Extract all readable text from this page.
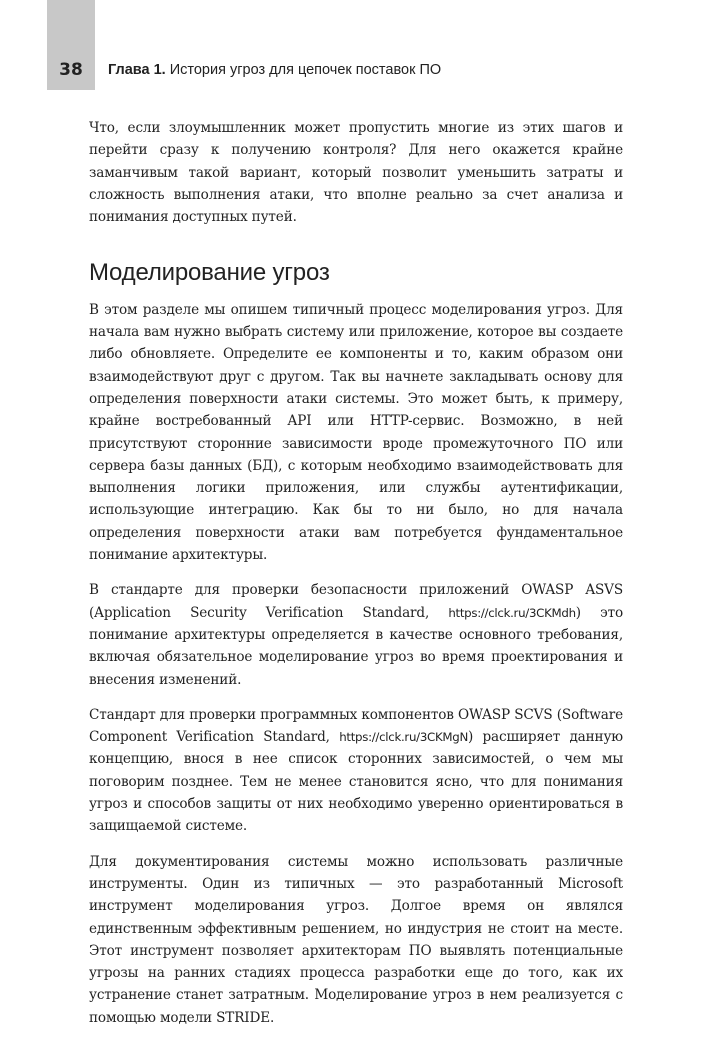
38	Глава 1. История угроз для цепочек поставок ПО

Что, если злоумышленник может пропустить многие из этих шагов и перейти сразу к получению контроля? Для него окажется крайне заманчивым такой вариант, который позволит уменьшить затраты и сложность выполнения атаки, что вполне реально за счет анализа и понимания доступных путей.

Моделирование угроз

В этом разделе мы опишем типичный процесс моделирования угроз. Для начала вам нужно выбрать систему или приложение, которое вы создаете либо обновляете. Определите ее компоненты и то, каким образом они взаимодействуют друг с другом. Так вы начнете закладывать основу для определения поверхности атаки системы. Это может быть, к примеру, крайне востребованный API или HTTP-сервис. Возможно, в ней присутствуют сторонние зависимости вроде промежуточного ПО или сервера базы данных (БД), с которым необходимо взаимодействовать для выполнения логики приложения, или службы аутентификации, использующие интеграцию. Как бы то ни было, но для начала определения поверхности атаки вам потребуется фундаментальное понимание архитектуры.

В стандарте для проверки безопасности приложений OWASP ASVS (Application Security Verification Standard, https://clck.ru/3CKMdh) это понимание архитектуры определяется в качестве основного требования, включая обязательное моделирование угроз во время проектирования и внесения изменений.

Стандарт для проверки программных компонентов OWASP SCVS (Software Component Verification Standard, https://clck.ru/3CKMgN) расширяет данную концепцию, внося в нее список сторонних зависимостей, о чем мы поговорим позднее. Тем не менее становится ясно, что для понимания угроз и способов защиты от них необходимо уверенно ориентироваться в защищаемой системе.

Для документирования системы можно использовать различные инструменты. Один из типичных — это разработанный Microsoft инструмент моделирования угроз. Долгое время он являлся единственным эффективным решением, но индустрия не стоит на месте. Этот инструмент позволяет архитекторам ПО выявлять потенциальные угрозы на ранних стадиях процесса разработки еще до того, как их устранение станет затратным. Моделирование угроз в нем реализуется с помощью модели STRIDE.
